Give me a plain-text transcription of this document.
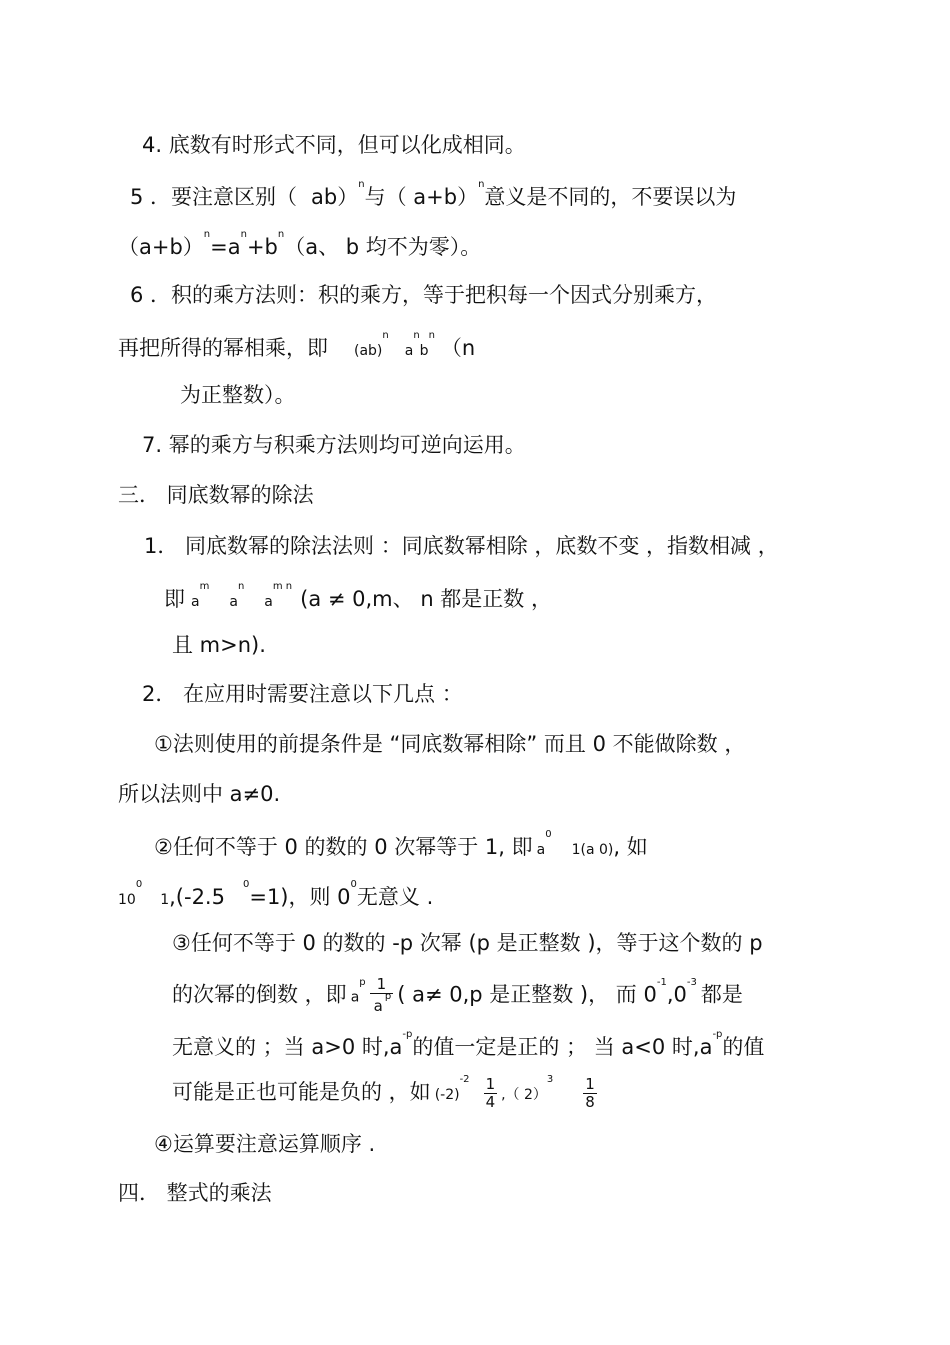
4. 底数有时形式不同，但可以化成相同。
5 ．要注意区别（ ab）$^n$与（ a+b）$^n$意义是不同的，不要误以为
$(a+b)^n=a^n+b^n(a$、 b 均不为零）。
6 ．积的乘方法则：积的乘方，等于把积每一个因式分别乘方，
再把所得的幂相乘，即 $(ab)^na^nb^n(n$
为正整数）。
7. 幂的乘方与积乘方法则均可逆向运用。
三． 同底数幂的除法
1． 同底数幂的除法法则 ：同底数幂相除 ，底数不变 ，指数相减 ，
即$a^ma^na^{m n}(a \ne 0,m$、 n 都是正数 ，
且 m>n).
2． 在应用时需要注意以下几点 ：
①法则使用的前提条件是 “同底数幂相除” 而且 0 不能做除数 ，
所以法则中 a≠0.
②任何不等于 0 的数的 0 次幂等于 1, 即 $a^01(a$ 0), 如
$10^01,(-2.5^0=1)$，则 $0^0$无意义 .
③任何不等于 0 的数的 -p 次幂 (p 是正整数 )，等于这个数的 p
的次幂的倒数 ，即 $a^p \frac{1}{a^p}$ ( a≠ 0,p 是正整数 )， 而 $0^{-1},0^{-3}$都是
无意义的 ；当 a>0 时$,a^{-p}$的值一定是正的 ； 当 a<0 时$,a^{-p}$的值
可能是正也可能是负的 ，如 $(-2)^{-2} \frac{1}{4}$ ,（ $2)^3 \frac{1}{8}$
④运算要注意运算顺序 .
四． 整式的乘法
